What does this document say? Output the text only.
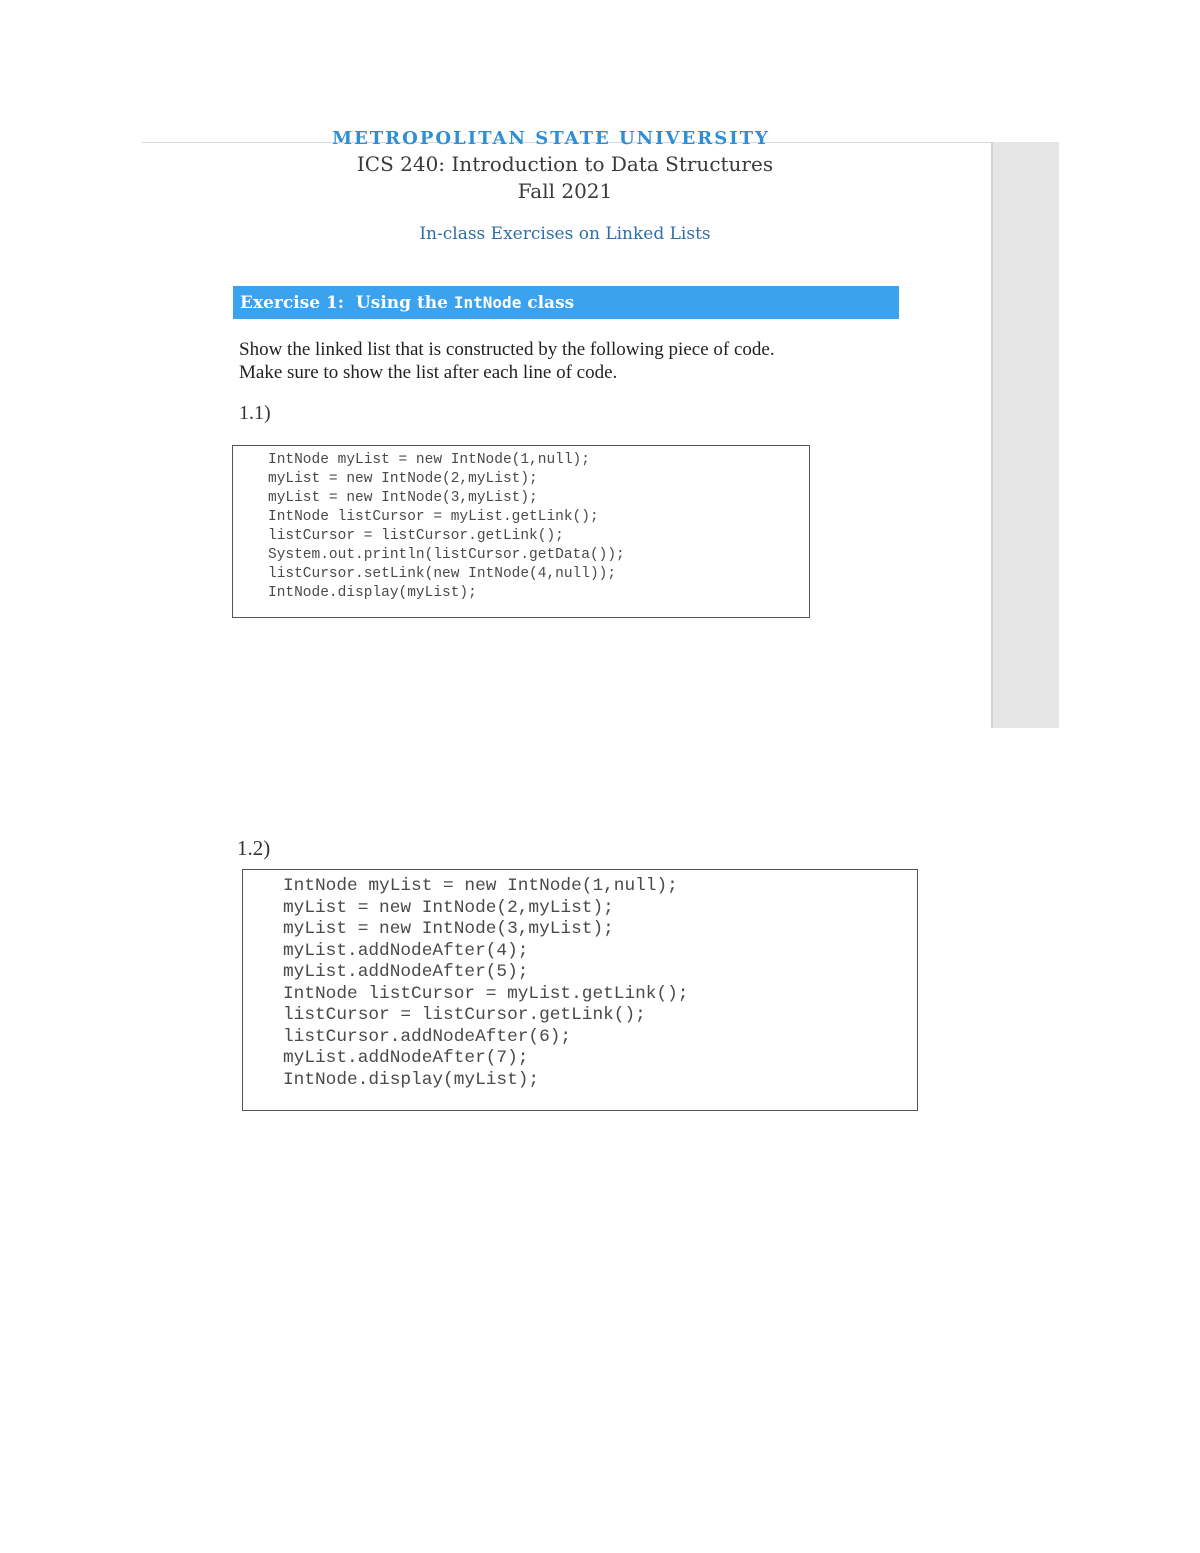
METROPOLITAN STATE UNIVERSITY
ICS 240: Introduction to Data Structures
Fall 2021
In-class Exercises on Linked Lists
Exercise 1:  Using the IntNode class
Show the linked list that is constructed by the following piece of code.
Make sure to show the list after each line of code.
1.1)
IntNode myList = new IntNode(1,null);
myList = new IntNode(2,myList);
myList = new IntNode(3,myList);
IntNode listCursor = myList.getLink();
listCursor = listCursor.getLink();
System.out.println(listCursor.getData());
listCursor.setLink(new IntNode(4,null));
IntNode.display(myList);
1.2)
IntNode myList = new IntNode(1,null);
myList = new IntNode(2,myList);
myList = new IntNode(3,myList);
myList.addNodeAfter(4);
myList.addNodeAfter(5);
IntNode listCursor = myList.getLink();
listCursor = listCursor.getLink();
listCursor.addNodeAfter(6);
myList.addNodeAfter(7);
IntNode.display(myList);
